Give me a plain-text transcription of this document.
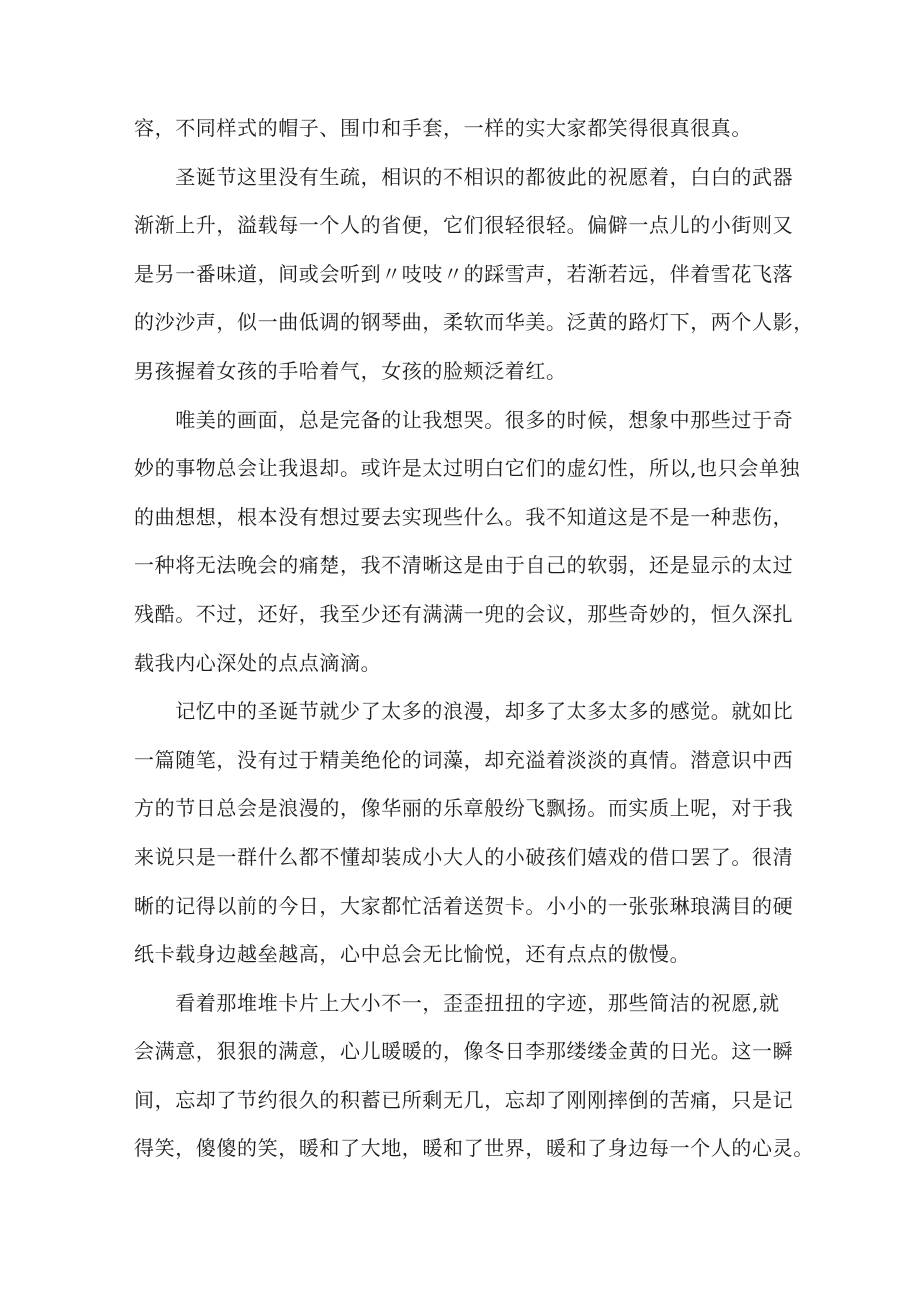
容，不同样式的帽子、围巾和手套，一样的实大家都笑得很真很真。
　　圣诞节这里没有生疏，相识的不相识的都彼此的祝愿着，白白的武器
渐渐上升，溢载每一个人的省便，它们很轻很轻。偏僻一点儿的小街则又
是另一番味道，间或会听到〃吱吱〃的踩雪声，若渐若远，伴着雪花飞落
的沙沙声，似一曲低调的钢琴曲，柔软而华美。泛黄的路灯下，两个人影，
男孩握着女孩的手哈着气，女孩的脸颊泛着红。
　　唯美的画面，总是完备的让我想哭。很多的时候，想象中那些过于奇
妙的事物总会让我退却。或许是太过明白它们的虚幻性，所以,也只会单独
的曲想想，根本没有想过要去实现些什么。我不知道这是不是一种悲伤，
一种将无法晚会的痛楚，我不清晰这是由于自己的软弱，还是显示的太过
残酷。不过，还好，我至少还有满满一兜的会议，那些奇妙的，恒久深扎
载我内心深处的点点滴滴。
　　记忆中的圣诞节就少了太多的浪漫，却多了太多太多的感觉。就如比
一篇随笔，没有过于精美绝伦的词藻，却充溢着淡淡的真情。潜意识中西
方的节日总会是浪漫的，像华丽的乐章般纷飞飘扬。而实质上呢，对于我
来说只是一群什么都不懂却装成小大人的小破孩们嬉戏的借口罢了。很清
晰的记得以前的今日，大家都忙活着送贺卡。小小的一张张琳琅满目的硬
纸卡载身边越垒越高，心中总会无比愉悦，还有点点的傲慢。
　　看着那堆堆卡片上大小不一，歪歪扭扭的字迹，那些简洁的祝愿,就
会满意，狠狠的满意，心儿暖暖的，像冬日李那缕缕金黄的日光。这一瞬
间，忘却了节约很久的积蓄已所剩无几，忘却了刚刚摔倒的苦痛，只是记
得笑，傻傻的笑，暖和了大地，暖和了世界，暖和了身边每一个人的心灵。
